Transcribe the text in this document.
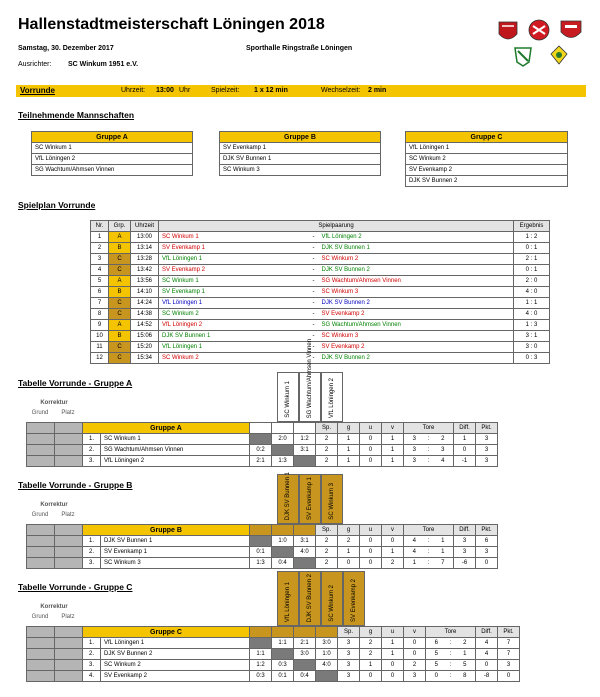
Hallenstadtmeisterschaft Löningen 2018
Samstag, 30. Dezember 2017	Sporthalle Ringstraße Löningen
Ausrichter: SC Winkum 1951 e.V.
Vorrunde	Uhrzeit: 13:00 Uhr	Spielzeit: 1 x 12 min	Wechselzeit: 2 min
Teilnehmende Mannschaften
Gruppe A
SC Winkum 1
VfL Löningen 2
SG Wachtum/Ahmsen Vinnen
Gruppe B
SV Evenkamp 1
DJK SV Bunnen 1
SC Winkum 3
Gruppe C
VfL Löningen 1
SC Winkum 2
SV Evenkamp 2
DJK SV Bunnen 2
Spielplan Vorrunde
Nr.	Grp.	Uhrzeit	Spielpaarung			Ergebnis
1	A	13:00	SC Winkum 1	-	VfL Löningen 2	1 : 2
2	B	13:14	SV Evenkamp 1	-	DJK SV Bunnen 1	0 : 1
3	C	13:28	VfL Löningen 1	-	SC Winkum 2	2 : 1
4	C	13:42	SV Evenkamp 2	-	DJK SV Bunnen 2	0 : 1
5	A	13:56	SC Winkum 1	-	SG Wachtum/Ahmsen Vinnen	2 : 0
6	B	14:10	SV Evenkamp 1	-	SC Winkum 3	4 : 0
7	C	14:24	VfL Löningen 1	-	DJK SV Bunnen 2	1 : 1
8	C	14:38	SC Winkum 2	-	SV Evenkamp 2	4 : 0
9	A	14:52	VfL Löningen 2	-	SG Wachtum/Ahmsen Vinnen	1 : 3
10	B	15:06	DJK SV Bunnen 1	-	SC Winkum 3	3 : 1
11	C	15:20	VfL Löningen 1	-	SV Evenkamp 2	3 : 0
12	C	15:34	SC Winkum 2	-	DJK SV Bunnen 2	0 : 3
Tabelle Vorrunde - Gruppe A
Korrektur
Grund	Platz	SC Winkum 1	SG Wachtum/Ahmsen Vinnen	VfL Löningen 2
		Gruppe A					Sp.	g	u	v	Tore			Diff.	Pkt.
		1.	SC Winkum 1		2:0	1:2	2	1	0	1	3	:	2	1	3
		2.	SG Wachtum/Ahmsen Vinnen	0:2		3:1	2	1	0	1	3	:	3	0	3
		3.	VfL Löningen 2	2:1	1:3		2	1	0	1	3	:	4	-1	3
Tabelle Vorrunde - Gruppe B
Korrektur
Grund	Platz	DJK SV Bunnen 1	SV Evenkamp 1	SC Winkum 3
		Gruppe B					Sp.	g	u	v	Tore			Diff.	Pkt.
		1.	DJK SV Bunnen 1		1:0	3:1	2	2	0	0	4	:	1	3	6
		2.	SV Evenkamp 1	0:1		4:0	2	1	0	1	4	:	1	3	3
		3.	SC Winkum 3	1:3	0:4		2	0	0	2	1	:	7	-6	0
Tabelle Vorrunde - Gruppe C
Korrektur
Grund	Platz	VfL Löningen 1	DJK SV Bunnen 2	SC Winkum 2	SV Evenkamp 2
		Gruppe C						Sp.	g	u	v	Tore			Diff.	Pkt.
		1.	VfL Löningen 1		1:1	2:1	3:0	3	2	1	0	6	:	2	4	7
		2.	DJK SV Bunnen 2	1:1		3:0	1:0	3	2	1	0	5	:	1	4	7
		3.	SC Winkum 2	1:2	0:3		4:0	3	1	0	2	5	:	5	0	3
		4.	SV Evenkamp 2	0:3	0:1	0:4		3	0	0	3	0	:	8	-8	0
